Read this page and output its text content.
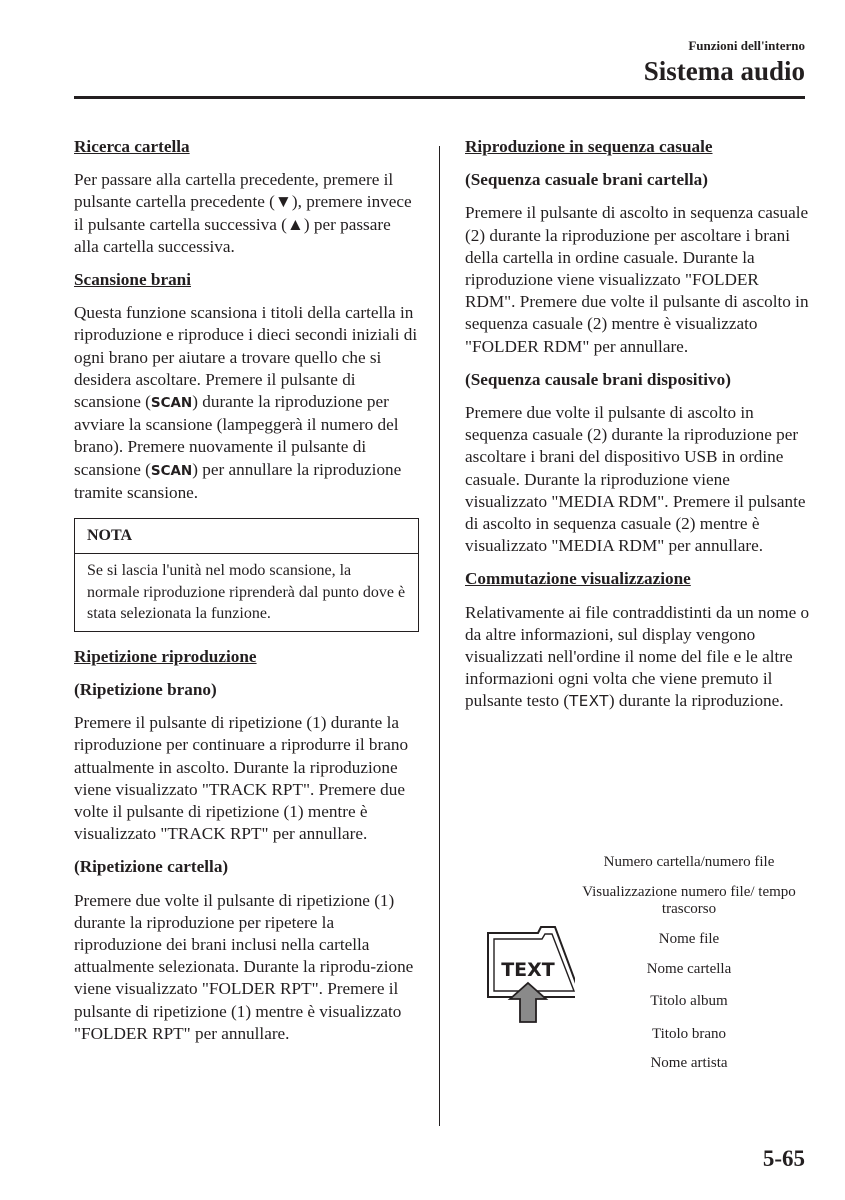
Funzioni dell'interno
Sistema audio

Ricerca cartella

Per passare alla cartella precedente, premere il pulsante cartella precedente (▼), premere invece il pulsante cartella successiva (▲) per passare alla cartella successiva.

Scansione brani

Questa funzione scansiona i titoli della cartella in riproduzione e riproduce i dieci secondi iniziali di ogni brano per aiutare a trovare quello che si desidera ascoltare. Premere il pulsante di scansione (SCAN) durante la riproduzione per avviare la scansione (lampeggerà il numero del brano). Premere nuovamente il pulsante di scansione (SCAN) per annullare la riproduzione tramite scansione.

NOTA
Se si lascia l'unità nel modo scansione, la normale riproduzione riprenderà dal punto dove è stata selezionata la funzione.

Ripetizione riproduzione

(Ripetizione brano)

Premere il pulsante di ripetizione (1) durante la riproduzione per continuare a riprodurre il brano attualmente in ascolto. Durante la riproduzione viene visualizzato "TRACK RPT". Premere due volte il pulsante di ripetizione (1) mentre è visualizzato "TRACK RPT" per annullare.

(Ripetizione cartella)

Premere due volte il pulsante di ripetizione (1) durante la riproduzione per ripetere la riproduzione dei brani inclusi nella cartella attualmente selezionata. Durante la riprodu-zione viene visualizzato "FOLDER RPT". Premere il pulsante di ripetizione (1) mentre è visualizzato "FOLDER RPT" per annullare.

Riproduzione in sequenza casuale

(Sequenza casuale brani cartella)

Premere il pulsante di ascolto in sequenza casuale (2) durante la riproduzione per ascoltare i brani della cartella in ordine casuale. Durante la riproduzione viene visualizzato "FOLDER RDM". Premere due volte il pulsante di ascolto in sequenza casuale (2) mentre è visualizzato "FOLDER RDM" per annullare.

(Sequenza causale brani dispositivo)

Premere due volte il pulsante di ascolto in sequenza casuale (2) durante la riproduzione per ascoltare i brani del dispositivo USB in ordine casuale. Durante la riproduzione viene visualizzato "MEDIA RDM". Premere il pulsante di ascolto in sequenza casuale (2) mentre è visualizzato "MEDIA RDM" per annullare.

Commutazione visualizzazione

Relativamente ai file contraddistinti da un nome o da altre informazioni, sul display vengono visualizzati nell'ordine il nome del file e le altre informazioni ogni volta che viene premuto il pulsante testo (TEXT) durante la riproduzione.

TEXT
Numero cartella/numero file
Visualizzazione numero file/ tempo trascorso
Nome file
Nome cartella
Titolo album
Titolo brano
Nome artista
5-65
